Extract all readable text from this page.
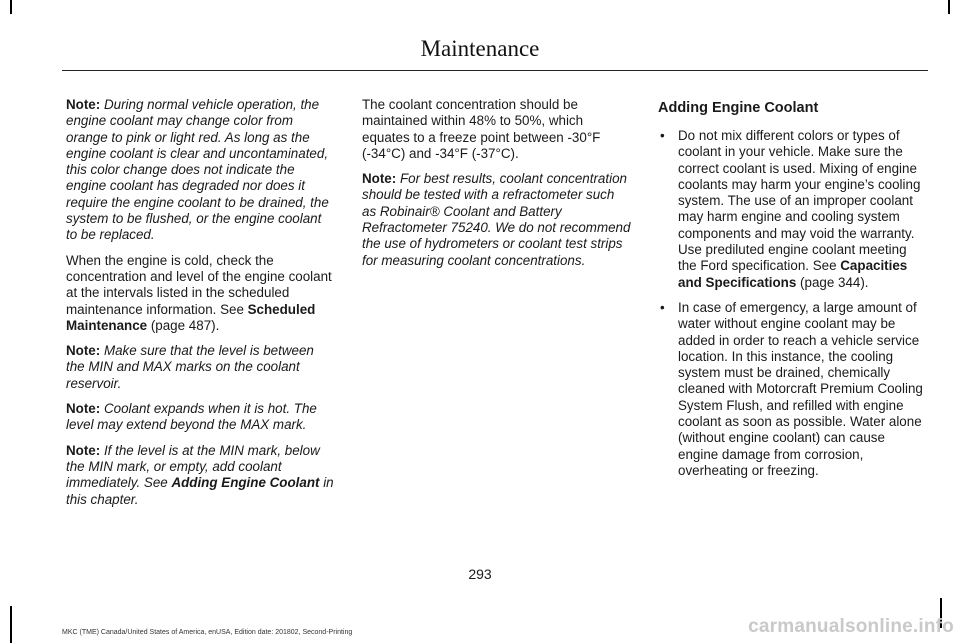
Maintenance

Note: During normal vehicle operation, the engine coolant may change color from orange to pink or light red. As long as the engine coolant is clear and uncontaminated, this color change does not indicate the engine coolant has degraded nor does it require the engine coolant to be drained, the system to be flushed, or the engine coolant to be replaced.

When the engine is cold, check the concentration and level of the engine coolant at the intervals listed in the scheduled maintenance information. See Scheduled Maintenance (page 487).

Note: Make sure that the level is between the MIN and MAX marks on the coolant reservoir.

Note: Coolant expands when it is hot. The level may extend beyond the MAX mark.

Note: If the level is at the MIN mark, below the MIN mark, or empty, add coolant immediately. See Adding Engine Coolant in this chapter.

The coolant concentration should be maintained within 48% to 50%, which equates to a freeze point between -30°F (-34°C) and -34°F (-37°C).

Note: For best results, coolant concentration should be tested with a refractometer such as Robinair® Coolant and Battery Refractometer 75240. We do not recommend the use of hydrometers or coolant test strips for measuring coolant concentrations.

Adding Engine Coolant
• Do not mix different colors or types of coolant in your vehicle. Make sure the correct coolant is used. Mixing of engine coolants may harm your engine’s cooling system. The use of an improper coolant may harm engine and cooling system components and may void the warranty. Use prediluted engine coolant meeting the Ford specification. See Capacities and Specifications (page 344).
• In case of emergency, a large amount of water without engine coolant may be added in order to reach a vehicle service location. In this instance, the cooling system must be drained, chemically cleaned with Motorcraft Premium Cooling System Flush, and refilled with engine coolant as soon as possible. Water alone (without engine coolant) can cause engine damage from corrosion, overheating or freezing.
293
MKC (TME) Canada/United States of America, enUSA, Edition date: 201802, Second-Printing	carmanualsonline.info
